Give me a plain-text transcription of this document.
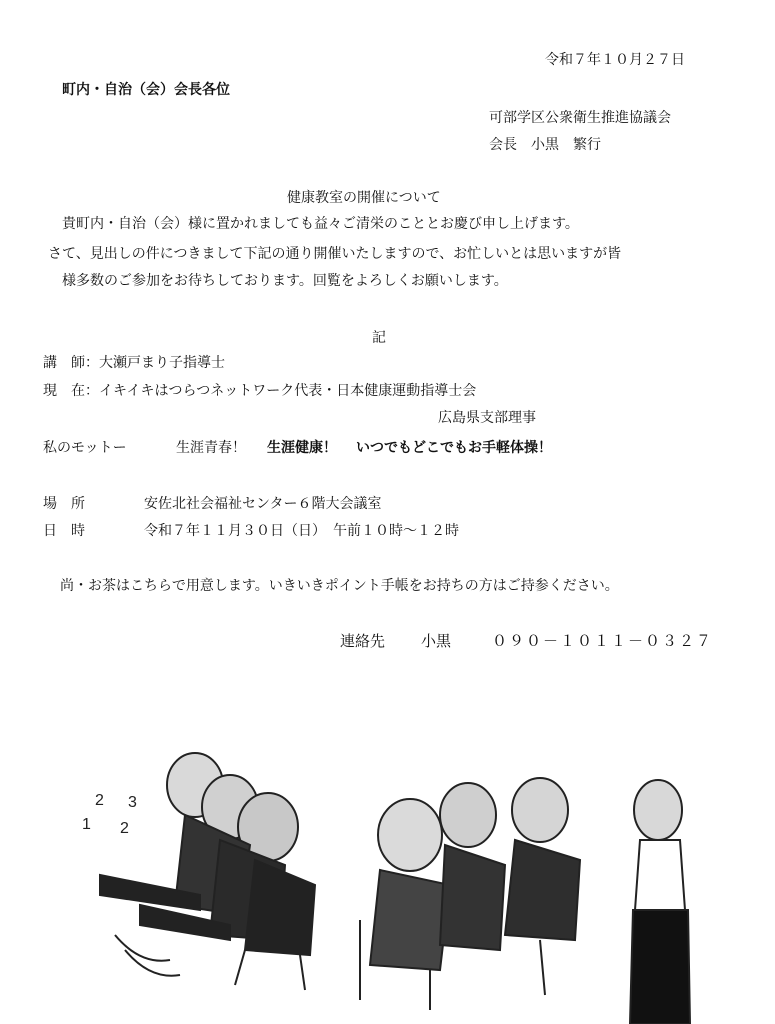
令和７年１０月２７日

町内・自治（会）会長各位

可部学区公衆衛生推進協議会

会長　小黒　繁行

健康教室の開催について

貴町内・自治（会）様に置かれましても益々ご清栄のこととお慶び申し上げます。

さて、見出しの件につきまして下記の通り開催いたしますので、お忙しいとは思いますが皆

様多数のご参加をお待ちしております。回覧をよろしくお願いします。

記

講　師：大瀬戸まり子指導士

現　在：イキイキはつらつネットワーク代表・日本健康運動指導士会

広島県支部理事

私のモットー	生涯青春！ 生涯健康！ いつでもどこでもお手軽体操！

場　所	安佐北社会福祉センター６階大会議室

日　時	令和７年１１月３０日（日）　午前１０時～１２時

尚・お茶はこちらで用意します。いきいきポイント手帳をお持ちの方はご持参ください。

連絡先 小黒	０９０－１０１１－０３２７

2 3
1 2
